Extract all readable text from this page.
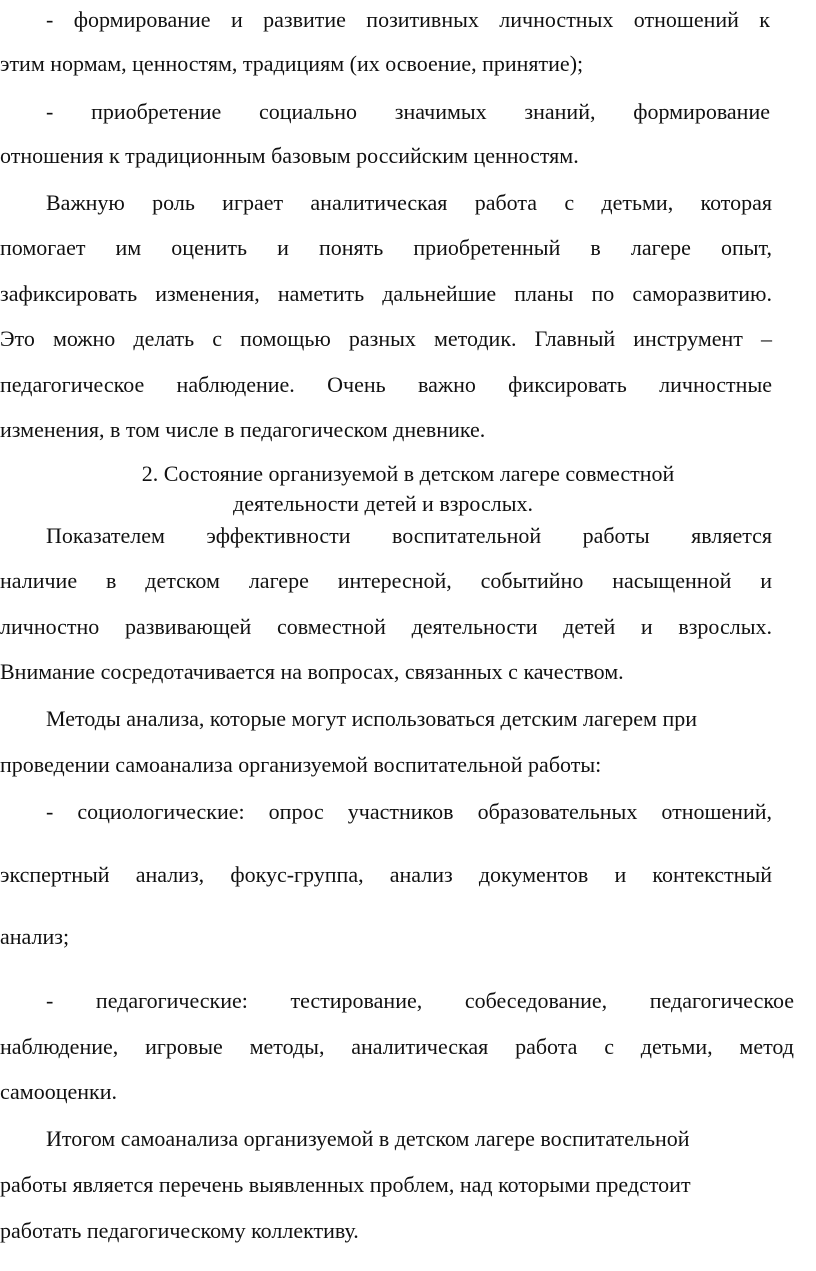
- формирование и развитие позитивных личностных отношений к
этим нормам, ценностям, традициям (их освоение, принятие);
- приобретение социально значимых знаний, формирование
отношения к традиционным базовым российским ценностям.
Важную роль играет аналитическая работа с детьми, которая
помогает им оценить и понять приобретенный в лагере опыт,
зафиксировать изменения, наметить дальнейшие планы по саморазвитию.
Это можно делать с помощью разных методик. Главный инструмент –
педагогическое наблюдение. Очень важно фиксировать личностные
изменения, в том числе в педагогическом дневнике.
2. Состояние организуемой в детском лагере совместной
деятельности детей и взрослых.
Показателем эффективности воспитательной работы является
наличие в детском лагере интересной, событийно насыщенной и
личностно развивающей совместной деятельности детей и взрослых.
Внимание сосредотачивается на вопросах, связанных с качеством.
Методы анализа, которые могут использоваться детским лагерем при
проведении самоанализа организуемой воспитательной работы:
- социологические: опрос участников образовательных отношений,
экспертный анализ, фокус-группа, анализ документов и контекстный
анализ;
- педагогические: тестирование, собеседование, педагогическое
наблюдение, игровые методы, аналитическая работа с детьми, метод
самооценки.
Итогом самоанализа организуемой в детском лагере воспитательной
работы является перечень выявленных проблем, над которыми предстоит
работать педагогическому коллективу.
